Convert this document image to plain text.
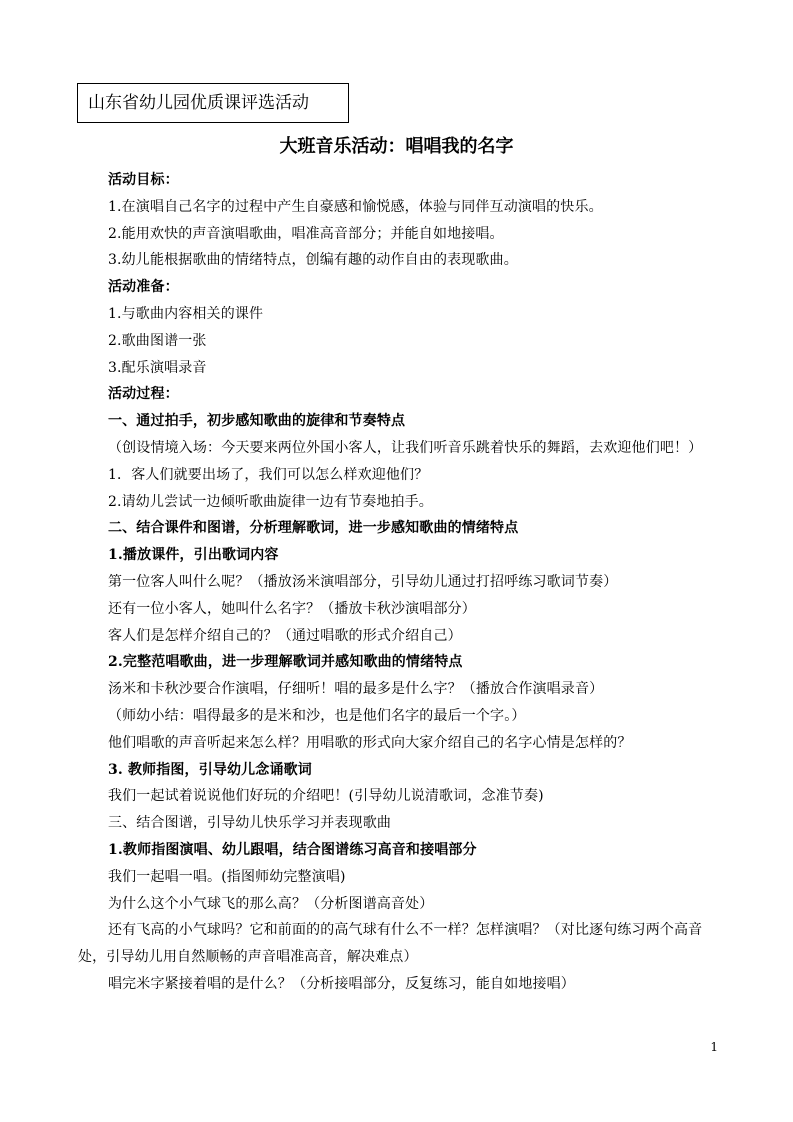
山东省幼儿园优质课评选活动
大班音乐活动：唱唱我的名字

活动目标：

1.在演唱自己名字的过程中产生自豪感和愉悦感，体验与同伴互动演唱的快乐。

2.能用欢快的声音演唱歌曲，唱准高音部分；并能自如地接唱。

3.幼儿能根据歌曲的情绪特点，创编有趣的动作自由的表现歌曲。

活动准备：

1.与歌曲内容相关的课件

2.歌曲图谱一张

3.配乐演唱录音

活动过程：

一、通过拍手，初步感知歌曲的旋律和节奏特点

（创设情境入场：今天要来两位外国小客人，让我们听音乐跳着快乐的舞蹈，去欢迎他们吧！）

1．客人们就要出场了，我们可以怎么样欢迎他们？

2.请幼儿尝试一边倾听歌曲旋律一边有节奏地拍手。

二、结合课件和图谱，分析理解歌词，进一步感知歌曲的情绪特点

1.播放课件，引出歌词内容

第一位客人叫什么呢？（播放汤米演唱部分，引导幼儿通过打招呼练习歌词节奏）

还有一位小客人，她叫什么名字？（播放卡秋沙演唱部分）

客人们是怎样介绍自己的？（通过唱歌的形式介绍自己）

2.完整范唱歌曲，进一步理解歌词并感知歌曲的情绪特点

汤米和卡秋沙要合作演唱，仔细听！唱的最多是什么字？（播放合作演唱录音）

（师幼小结：唱得最多的是米和沙，也是他们名字的最后一个字。）

他们唱歌的声音听起来怎么样？用唱歌的形式向大家介绍自己的名字心情是怎样的？

3. 教师指图，引导幼儿念诵歌词

我们一起试着说说他们好玩的介绍吧！(引导幼儿说清歌词，念准节奏)

三、结合图谱，引导幼儿快乐学习并表现歌曲

1.教师指图演唱、幼儿跟唱，结合图谱练习高音和接唱部分

我们一起唱一唱。(指图师幼完整演唱)

为什么这个小气球飞的那么高？（分析图谱高音处）

还有飞高的小气球吗？它和前面的的高气球有什么不一样？怎样演唱？（对比逐句练习两个高音处，引导幼儿用自然顺畅的声音唱准高音，解决难点）

唱完米字紧接着唱的是什么？（分析接唱部分，反复练习，能自如地接唱）

1
